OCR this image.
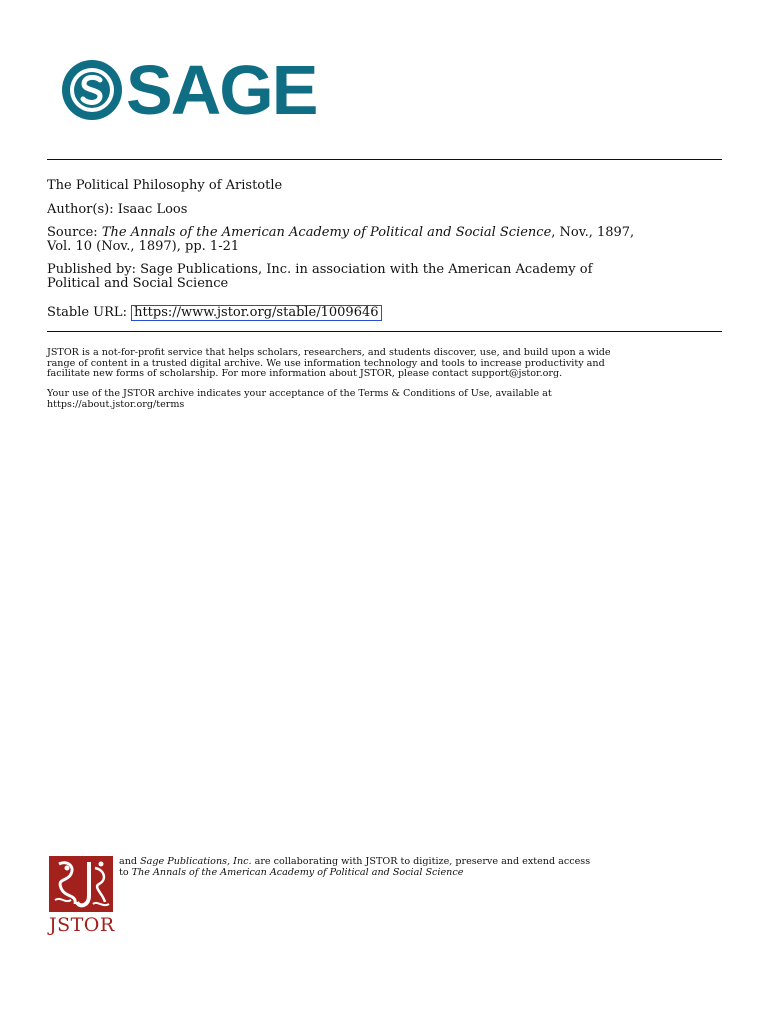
SAGE

The Political Philosophy of Aristotle

Author(s): Isaac Loos

Source: The Annals of the American Academy of Political and Social Science, Nov., 1897,

Vol. 10 (Nov., 1897), pp. 1-21

Published by: Sage Publications, Inc. in association with the American Academy of

Political and Social Science

Stable URL: https://www.jstor.org/stable/1009646

JSTOR is a not-for-profit service that helps scholars, researchers, and students discover, use, and build upon a wide

range of content in a trusted digital archive. We use information technology and tools to increase productivity and

facilitate new forms of scholarship. For more information about JSTOR, please contact support@jstor.org.

Your use of the JSTOR archive indicates your acceptance of the Terms & Conditions of Use, available at

https://about.jstor.org/terms

JSTOR

and Sage Publications, Inc. are collaborating with JSTOR to digitize, preserve and extend access

to The Annals of the American Academy of Political and Social Science
